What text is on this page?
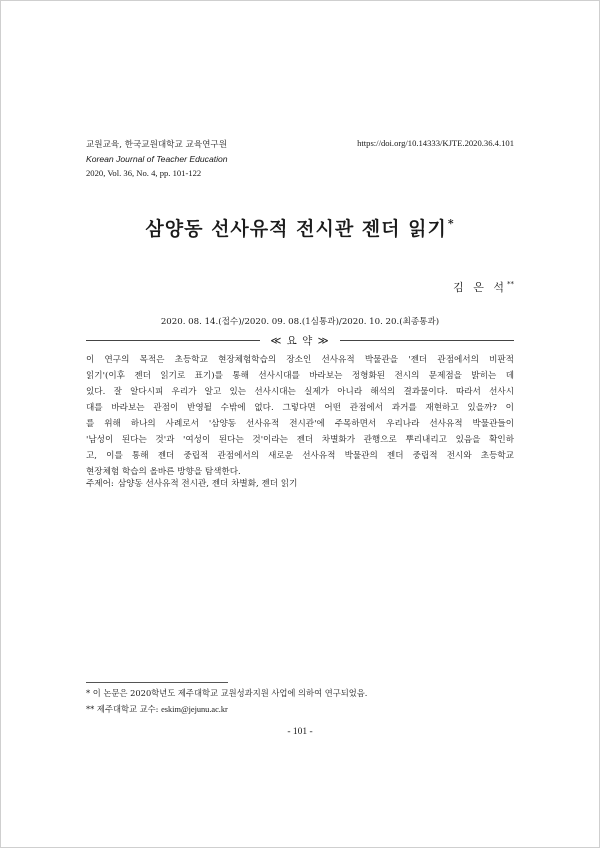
교원교육, 한국교원대학교 교육연구원
Korean Journal of Teacher Education
2020, Vol. 36, No. 4, pp. 101-122
https://doi.org/10.14333/KJTE.2020.36.4.101
삼양동 선사유적 전시관 젠더 읽기*
김 은 석**
2020. 08. 14.(접수)/2020. 09. 08.(1심통과)/2020. 10. 20.(최종통과)
≪ 요 약 ≫
이 연구의 목적은 초등학교 현장체험학습의 장소인 선사유적 박물관을 '젠더 관점에서의 비판적
읽기'(이후 젠더 읽기로 표기)를 통해 선사시대를 바라보는 정형화된 전시의 문제점을 밝히는 데
있다. 잘 알다시피 우리가 알고 있는 선사시대는 실제가 아니라 해석의 결과물이다. 따라서 선사시
대를 바라보는 관점이 반영될 수밖에 없다. 그렇다면 어떤 관점에서 과거를 재현하고 있을까? 이
를 위해 하나의 사례로서 '삼양동 선사유적 전시관'에 주목하면서 우리나라 선사유적 박물관들이
'남성이 된다는 것'과 '여성이 된다는 것'이라는 젠더 차별화가 관행으로 뿌리내리고 있음을 확인하
고, 이를 통해 젠더 중립적 관점에서의 새로운 선사유적 박물관의 젠더 중립적 전시와 초등학교
현장체험 학습의 올바른 방향을 탐색한다.
주제어: 삼양동 선사유적 전시관, 젠더 차별화, 젠더 읽기
* 이 논문은 2020학년도 제주대학교 교원성과지원 사업에 의하여 연구되었음.
** 제주대학교 교수: eskim@jejunu.ac.kr
- 101 -
